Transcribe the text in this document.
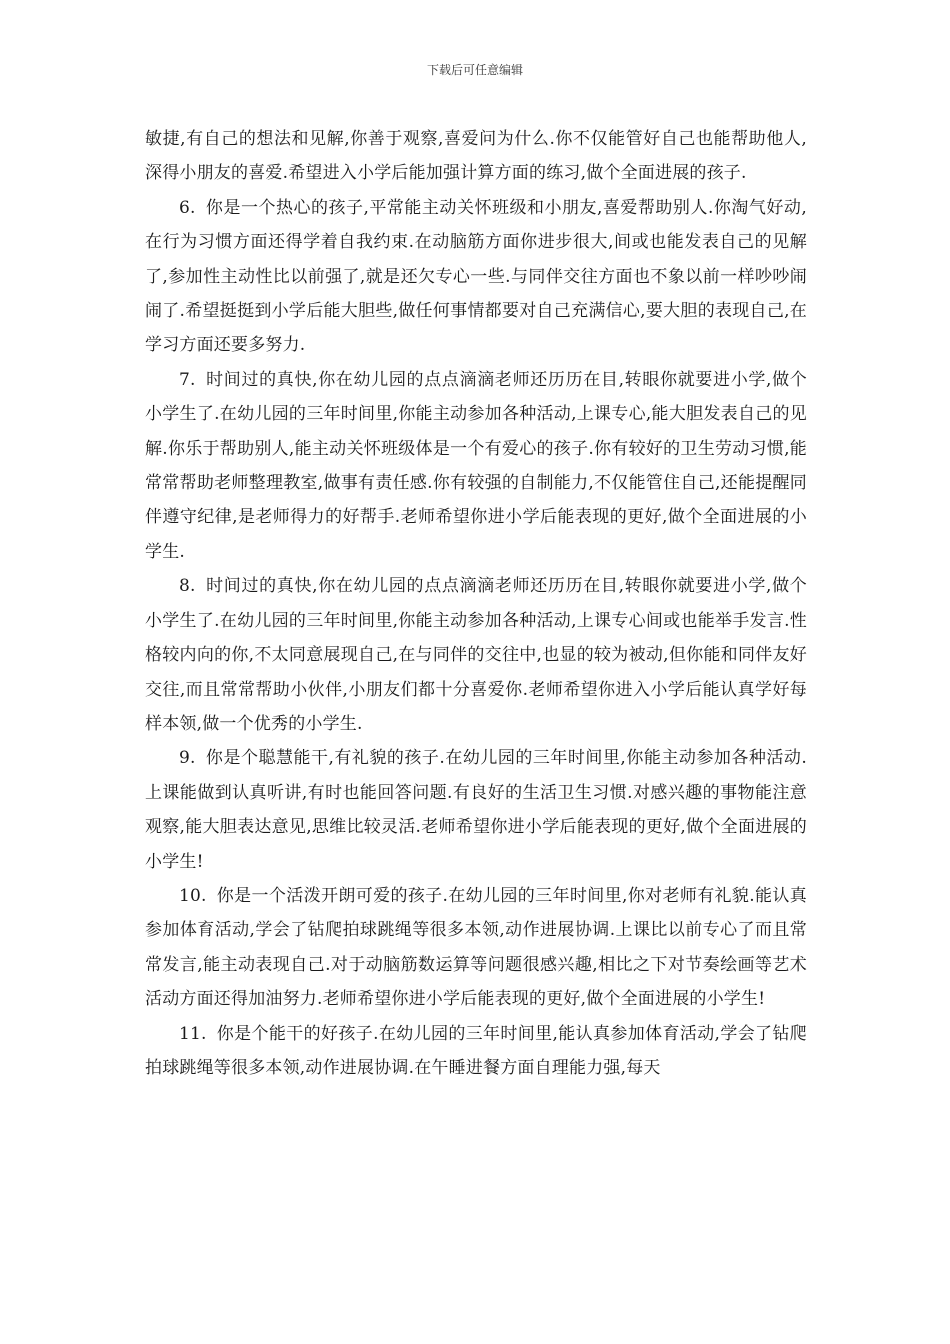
下载后可任意编辑

敏捷,有自己的想法和见解,你善于观察,喜爱问为什么.你不仅能管好自己也能帮助他人,深得小朋友的喜爱.希望进入小学后能加强计算方面的练习,做个全面进展的孩子.

6. 你是一个热心的孩子,平常能主动关怀班级和小朋友,喜爱帮助别人.你淘气好动,在行为习惯方面还得学着自我约束.在动脑筋方面你进步很大,间或也能发表自己的见解了,参加性主动性比以前强了,就是还欠专心一些.与同伴交往方面也不象以前一样吵吵闹闹了.希望挺挺到小学后能大胆些,做任何事情都要对自己充满信心,要大胆的表现自己,在学习方面还要多努力.

7. 时间过的真快,你在幼儿园的点点滴滴老师还历历在目,转眼你就要进小学,做个小学生了.在幼儿园的三年时间里,你能主动参加各种活动,上课专心,能大胆发表自己的见解.你乐于帮助别人,能主动关怀班级体是一个有爱心的孩子.你有较好的卫生劳动习惯,能常常帮助老师整理教室,做事有责任感.你有较强的自制能力,不仅能管住自己,还能提醒同伴遵守纪律,是老师得力的好帮手.老师希望你进小学后能表现的更好,做个全面进展的小学生.

8. 时间过的真快,你在幼儿园的点点滴滴老师还历历在目,转眼你就要进小学,做个小学生了.在幼儿园的三年时间里,你能主动参加各种活动,上课专心间或也能举手发言.性格较内向的你,不太同意展现自己,在与同伴的交往中,也显的较为被动,但你能和同伴友好交往,而且常常帮助小伙伴,小朋友们都十分喜爱你.老师希望你进入小学后能认真学好每样本领,做一个优秀的小学生.

9. 你是个聪慧能干,有礼貌的孩子.在幼儿园的三年时间里,你能主动参加各种活动.上课能做到认真听讲,有时也能回答问题.有良好的生活卫生习惯.对感兴趣的事物能注意观察,能大胆表达意见,思维比较灵活.老师希望你进小学后能表现的更好,做个全面进展的小学生!

10. 你是一个活泼开朗可爱的孩子.在幼儿园的三年时间里,你对老师有礼貌.能认真参加体育活动,学会了钻爬拍球跳绳等很多本领,动作进展协调.上课比以前专心了而且常常发言,能主动表现自己.对于动脑筋数运算等问题很感兴趣,相比之下对节奏绘画等艺术活动方面还得加油努力.老师希望你进小学后能表现的更好,做个全面进展的小学生!

11. 你是个能干的好孩子.在幼儿园的三年时间里,能认真参加体育活动,学会了钻爬拍球跳绳等很多本领,动作进展协调.在午睡进餐方面自理能力强,每天
